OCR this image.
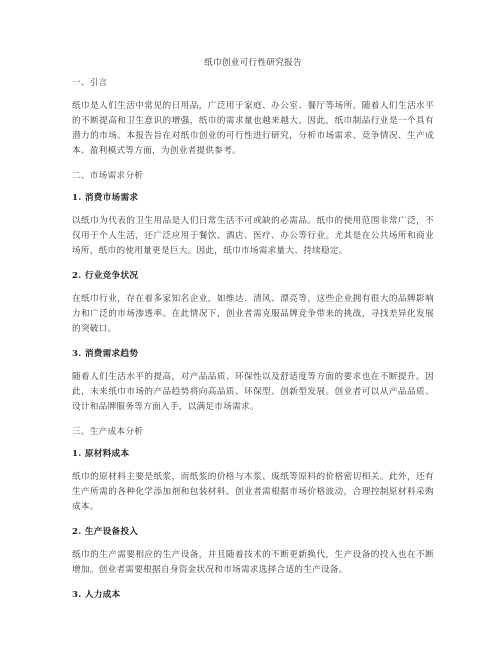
纸巾创业可行性研究报告
一、引言

纸巾是人们生活中常见的日用品，广泛用于家庭、办公室、餐厅等场所。随着人们生活水平的不断提高和卫生意识的增强，纸巾的需求量也越来越大。因此，纸巾制品行业是一个具有潜力的市场。本报告旨在对纸巾创业的可行性进行研究，分析市场需求、竞争情况、生产成本、盈利模式等方面，为创业者提供参考。

二、市场需求分析
1. 消费市场需求

以纸巾为代表的卫生用品是人们日常生活不可或缺的必需品。纸巾的使用范围非常广泛，不仅用于个人生活，还广泛应用于餐饮、酒店、医疗、办公等行业。尤其是在公共场所和商业场所，纸巾的使用量更是巨大。因此，纸巾市场需求量大、持续稳定。

2. 行业竞争状况

在纸巾行业，存在着多家知名企业，如维达、清风、漂亮等，这些企业拥有很大的品牌影响力和广泛的市场渗透率。在此情况下，创业者需克服品牌竞争带来的挑战，寻找差异化发展的突破口。

3. 消费需求趋势

随着人们生活水平的提高，对产品品质、环保性以及舒适度等方面的要求也在不断提升。因此，未来纸巾市场的产品趋势将向高品质、环保型、创新型发展。创业者可以从产品品质、设计和品牌服务等方面入手，以满足市场需求。

三、生产成本分析
1. 原材料成本

纸巾的原材料主要是纸浆，而纸浆的价格与木浆、废纸等原料的价格密切相关。此外，还有生产所需的各种化学添加剂和包装材料。创业者需根据市场价格波动，合理控制原材料采购成本。

2. 生产设备投入

纸巾的生产需要相应的生产设备，并且随着技术的不断更新换代，生产设备的投入也在不断增加。创业者需要根据自身资金状况和市场需求选择合适的生产设备。

3. 人力成本
